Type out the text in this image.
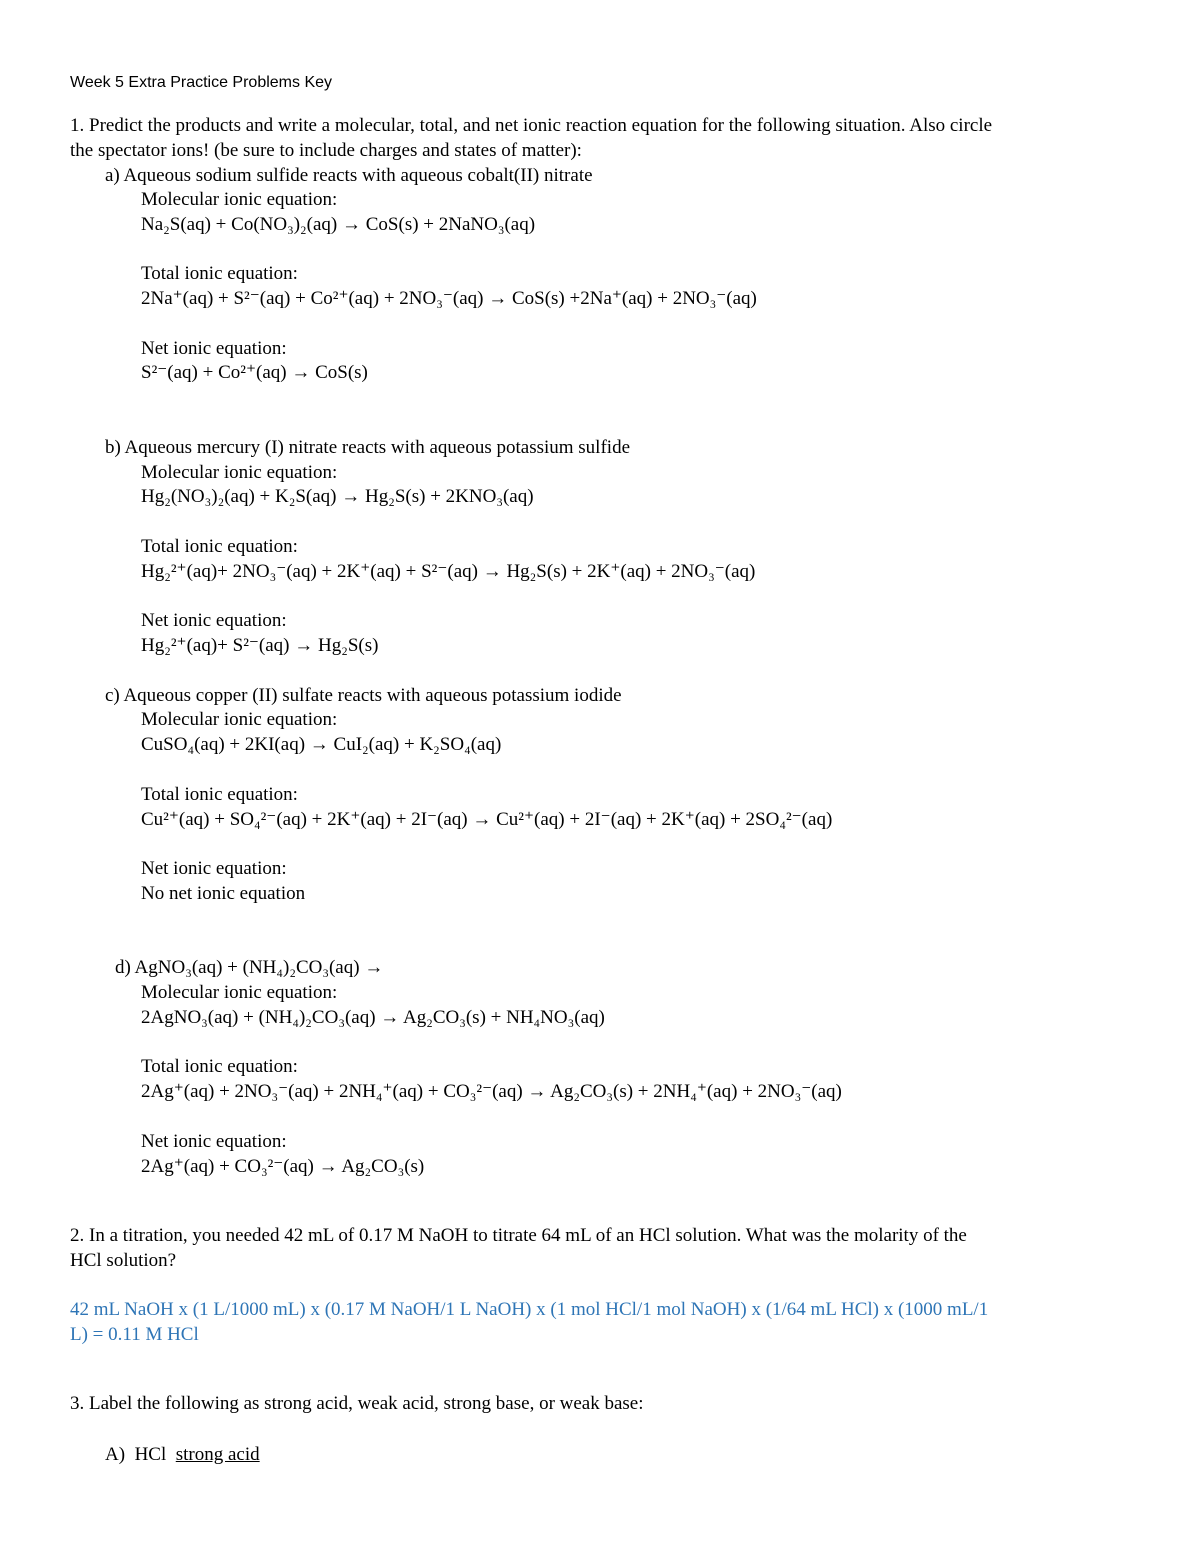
Week 5 Extra Practice Problems Key
1. Predict the products and write a molecular, total, and net ionic reaction equation for the following situation. Also circle
the spectator ions! (be sure to include charges and states of matter):
a) Aqueous sodium sulfide reacts with aqueous cobalt(II) nitrate
Molecular ionic equation:
Na₂S(aq) + Co(NO₃)₂(aq) → CoS(s) + 2NaNO₃(aq)
Total ionic equation:
2Na⁺(aq) + S²⁻(aq) + Co²⁺(aq) + 2NO₃⁻(aq) → CoS(s) +2Na⁺(aq) + 2NO₃⁻(aq)
Net ionic equation:
S²⁻(aq) + Co²⁺(aq) → CoS(s)
b) Aqueous mercury (I) nitrate reacts with aqueous potassium sulfide
Molecular ionic equation:
Hg₂(NO₃)₂(aq) + K₂S(aq) → Hg₂S(s) + 2KNO₃(aq)
Total ionic equation:
Hg₂²⁺(aq)+ 2NO₃⁻(aq) + 2K⁺(aq) + S²⁻(aq) → Hg₂S(s) + 2K⁺(aq) + 2NO₃⁻(aq)
Net ionic equation:
Hg₂²⁺(aq)+ S²⁻(aq) → Hg₂S(s)
c) Aqueous copper (II) sulfate reacts with aqueous potassium iodide
Molecular ionic equation:
CuSO₄(aq) + 2KI(aq) → CuI₂(aq) + K₂SO₄(aq)
Total ionic equation:
Cu²⁺(aq) + SO₄²⁻(aq) + 2K⁺(aq) + 2I⁻(aq) → Cu²⁺(aq) + 2I⁻(aq) + 2K⁺(aq) + 2SO₄²⁻(aq)
Net ionic equation:
No net ionic equation
d) AgNO₃(aq) + (NH₄)₂CO₃(aq) →
Molecular ionic equation:
2AgNO₃(aq) + (NH₄)₂CO₃(aq) → Ag₂CO₃(s) + NH₄NO₃(aq)
Total ionic equation:
2Ag⁺(aq) + 2NO₃⁻(aq) + 2NH₄⁺(aq) + CO₃²⁻(aq) → Ag₂CO₃(s) + 2NH₄⁺(aq) + 2NO₃⁻(aq)
Net ionic equation:
2Ag⁺(aq) + CO₃²⁻(aq) → Ag₂CO₃(s)
2. In a titration, you needed 42 mL of 0.17 M NaOH to titrate 64 mL of an HCl solution. What was the molarity of the
HCl solution?
42 mL NaOH x (1 L/1000 mL) x (0.17 M NaOH/1 L NaOH) x (1 mol HCl/1 mol NaOH) x (1/64 mL HCl) x (1000 mL/1
L) = 0.11 M HCl
3. Label the following as strong acid, weak acid, strong base, or weak base:
A) HCl strong acid
